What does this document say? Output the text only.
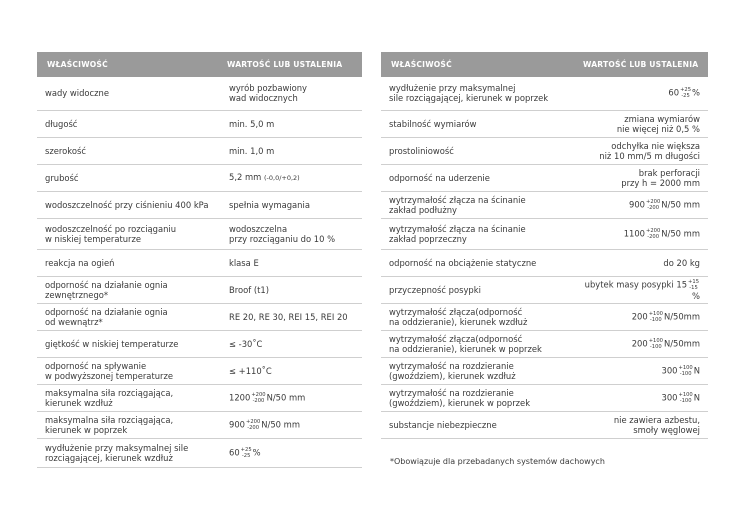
WŁAŚCIWOŚĆ	WARTOŚĆ LUB USTALENIA
wady widoczne	wyrób pozbawiony
wad widocznych
długość	min. 5,0 m
szerokość	min. 1,0 m
grubość	5,2 mm (-0,0/+0,2)
wodoszczelność przy ciśnieniu 400 kPa	spełnia wymagania
wodoszczelność po rozciąganiu
w niskiej temperaturze	wodoszczelna
przy rozciąganiu do 10 %
reakcja na ogień	klasa E
odporność na działanie ognia
zewnętrznego*	Broof (t1)
odporność na działanie ognia
od wewnątrz*	RE 20, RE 30, REI 15, REI 20
giętkość w niskiej temperaturze	≤ -30˚C
odporność na spływanie
w podwyższonej temperaturze	≤ +110˚C
maksymalna siła rozciągająca,
kierunek wzdłuż	1200 +200
-200 N/50 mm
maksymalna siła rozciągająca,
kierunek w poprzek	900 +200
-200 N/50 mm
wydłużenie przy maksymalnej sile
rozciągającej, kierunek wzdłuż	60 +25
-25 %
WŁAŚCIWOŚĆ	WARTOŚĆ LUB USTALENIA
wydłużenie przy maksymalnej
sile rozciągającej, kierunek w poprzek	60 +25
-25 %
stabilność wymiarów	zmiana wymiarów
nie więcej niż 0,5 %
prostoliniowość	odchyłka nie większa
niż 10 mm/5 m długości
odporność na uderzenie	brak perforacji
przy h = 2000 mm
wytrzymałość złącza na ścinanie
zakład podłużny	900 +200
-200 N/50 mm
wytrzymałość złącza na ścinanie
zakład poprzeczny	1100 +200
-200 N/50 mm
odporność na obciążenie statyczne	do 20 kg
przyczepność posypki	ubytek masy posypki 15 +15
-15
%
wytrzymałość złącza(odporność
na oddzieranie), kierunek wzdłuż	200 +100
-100 N/50mm
wytrzymałość złącza(odporność
na oddzieranie), kierunek w poprzek	200 +100
-100 N/50mm
wytrzymałość na rozdzieranie
(gwoździem), kierunek wzdłuż	300 +100
-100 N
wytrzymałość na rozdzieranie
(gwoździem), kierunek w poprzek	300 +100
-100 N
substancje niebezpieczne	nie zawiera azbestu,
smoły węglowej
*Obowiązuje dla przebadanych systemów dachowych
